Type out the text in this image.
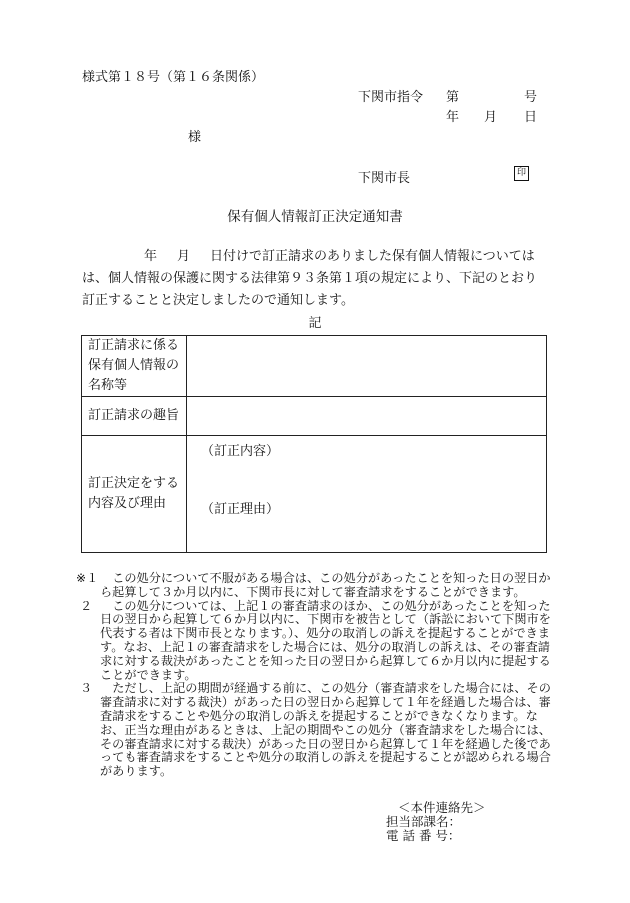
様式第１８号（第１６条関係）
下関市指令 第	号
年 月 日
様
下関市長	印
保有個人情報訂正決定通知書
年 月 日付けで訂正請求のありました保有個人情報についてはは、個人情報の保護に関する法律第９３条第１項の規定により、下記のとおり訂正することと決定しましたので通知します。
記
訂正請求に係る保有個人情報の名称等	
訂正請求の趣旨	
訂正決定をする内容及び理由	（訂正内容）
（訂正理由）
※１	この処分について不服がある場合は、この処分があったことを知った日の翌日から起算して３か月以内に、下関市長に対して審査請求をすることができます。
２	この処分については、上記１の審査請求のほか、この処分があったことを知った日の翌日から起算して６か月以内に、下関市を被告として（訴訟において下関市を代表する者は下関市長となります。）、処分の取消しの訴えを提起することができます。なお、上記１の審査請求をした場合には、処分の取消しの訴えは、その審査請求に対する裁決があったことを知った日の翌日から起算して６か月以内に提起することができます。
３	ただし、上記の期間が経過する前に、この処分（審査請求をした場合には、その審査請求に対する裁決）があった日の翌日から起算して１年を経過した場合は、審査請求をすることや処分の取消しの訴えを提起することができなくなります。なお、正当な理由があるときは、上記の期間やこの処分（審査請求をした場合には、その審査請求に対する裁決）があった日の翌日から起算して１年を経過した後であっても審査請求をすることや処分の取消しの訴えを提起することが認められる場合があります。
＜本件連絡先＞
担当部課名：
電 話 番 号：
